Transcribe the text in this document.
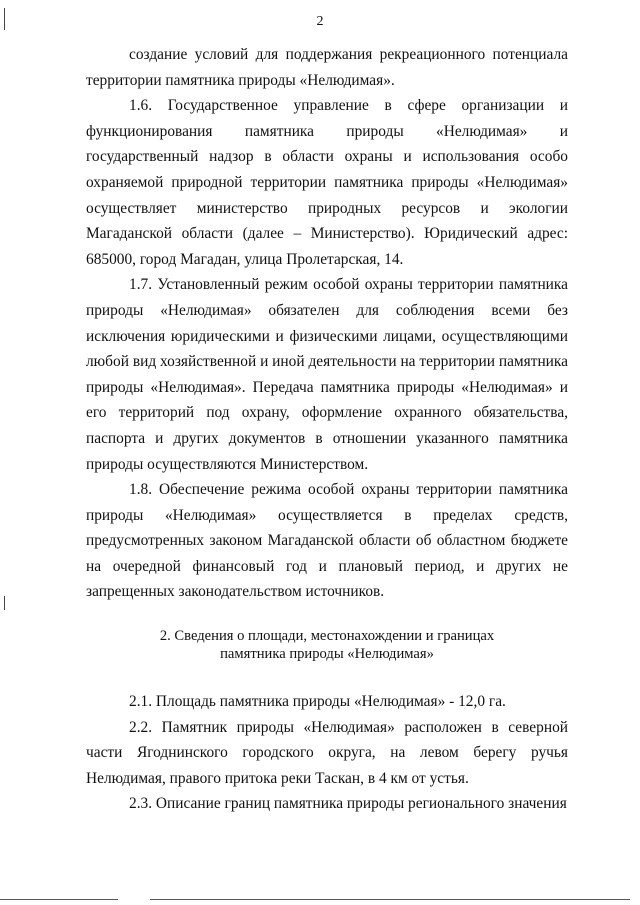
2

создание условий для поддержания рекреационного потенциала территории памятника природы «Нелюдимая».

1.6. Государственное управление в сфере организации и функционирования памятника природы «Нелюдимая» и государственный надзор в области охраны и использования особо охраняемой природной территории памятника природы «Нелюдимая» осуществляет министерство природных ресурсов и экологии Магаданской области (далее – Министерство). Юридический адрес: 685000, город Магадан, улица Пролетарская, 14.

1.7. Установленный режим особой охраны территории памятника природы «Нелюдимая» обязателен для соблюдения всеми без исключения юридическими и физическими лицами, осуществляющими любой вид хозяйственной и иной деятельности на территории памятника природы «Нелюдимая». Передача памятника природы «Нелюдимая» и его территорий под охрану, оформление охранного обязательства, паспорта и других документов в отношении указанного памятника природы осуществляются Министерством.

1.8. Обеспечение режима особой охраны территории памятника природы «Нелюдимая» осуществляется в пределах средств, предусмотренных законом Магаданской области об областном бюджете на очередной финансовый год и плановый период, и других не запрещенных законодательством источников.

2. Сведения о площади, местонахождении и границах
памятника природы «Нелюдимая»

2.1. Площадь памятника природы «Нелюдимая» - 12,0 га.

2.2. Памятник природы «Нелюдимая» расположен в северной части Ягоднинского городского округа, на левом берегу ручья Нелюдимая, правого притока реки Таскан, в 4 км от устья.

2.3. Описание границ памятника природы регионального значения
